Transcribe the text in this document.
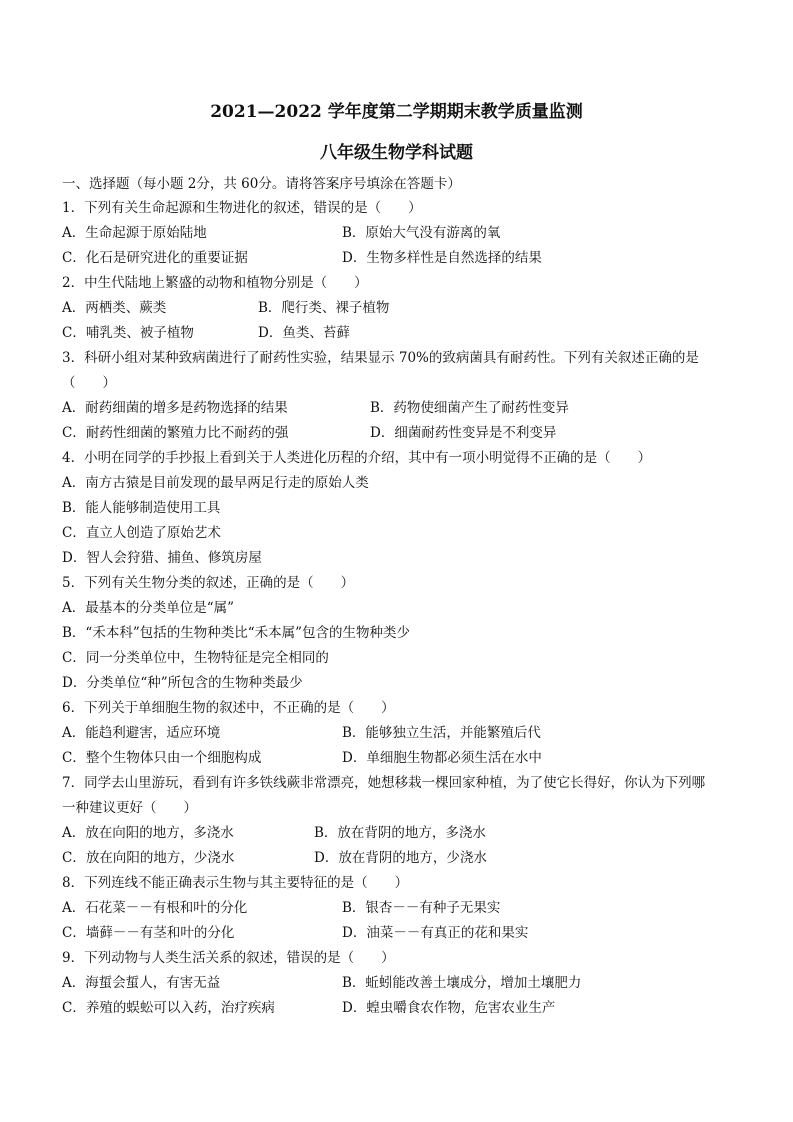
2021—2022 学年度第二学期期末教学质量监测
八年级生物学科试题
一、选择题（每小题 2分，共 60分。请将答案序号填涂在答题卡）
1．下列有关生命起源和生物进化的叙述，错误的是（　　）
A．生命起源于原始陆地	B．原始大气没有游离的氧
C．化石是研究进化的重要证据	D．生物多样性是自然选择的结果
2．中生代陆地上繁盛的动物和植物分别是（　　）
A．两栖类、蕨类	B．爬行类、裸子植物
C．哺乳类、被子植物	D．鱼类、苔藓
3．科研小组对某种致病菌进行了耐药性实验，结果显示 70%的致病菌具有耐药性。下列有关叙述正确的是
（　　）
A．耐药细菌的增多是药物选择的结果	B．药物使细菌产生了耐药性变异
C．耐药性细菌的繁殖力比不耐药的强	D．细菌耐药性变异是不利变异
4．小明在同学的手抄报上看到关于人类进化历程的介绍，其中有一项小明觉得不正确的是（　　）
A．南方古猿是目前发现的最早两足行走的原始人类
B．能人能够制造使用工具
C．直立人创造了原始艺术
D．智人会狩猎、捕鱼、修筑房屋
5．下列有关生物分类的叙述，正确的是（　　）
A．最基本的分类单位是“属”
B．“禾本科”包括的生物种类比“禾本属”包含的生物种类少
C．同一分类单位中，生物特征是完全相同的
D．分类单位“种”所包含的生物种类最少
6．下列关于单细胞生物的叙述中，不正确的是（　　）
A．能趋利避害，适应环境	B．能够独立生活，并能繁殖后代
C．整个生物体只由一个细胞构成	D．单细胞生物都必须生活在水中
7．同学去山里游玩，看到有许多铁线蕨非常漂亮，她想移栽一棵回家种植，为了使它长得好，你认为下列哪
一种建议更好（　　）
A．放在向阳的地方，多浇水	B．放在背阴的地方，多浇水
C．放在向阳的地方，少浇水	D．放在背阴的地方，少浇水
8．下列连线不能正确表示生物与其主要特征的是（　　）
A．石花菜－－有根和叶的分化	B．银杏－－有种子无果实
C．墙藓－－有茎和叶的分化	D．油菜－－有真正的花和果实
9．下列动物与人类生活关系的叙述，错误的是（　　）
A．海蜇会蜇人，有害无益	B．蚯蚓能改善土壤成分，增加土壤肥力
C．养殖的蜈蚣可以入药，治疗疾病	D．蝗虫嚼食农作物，危害农业生产
